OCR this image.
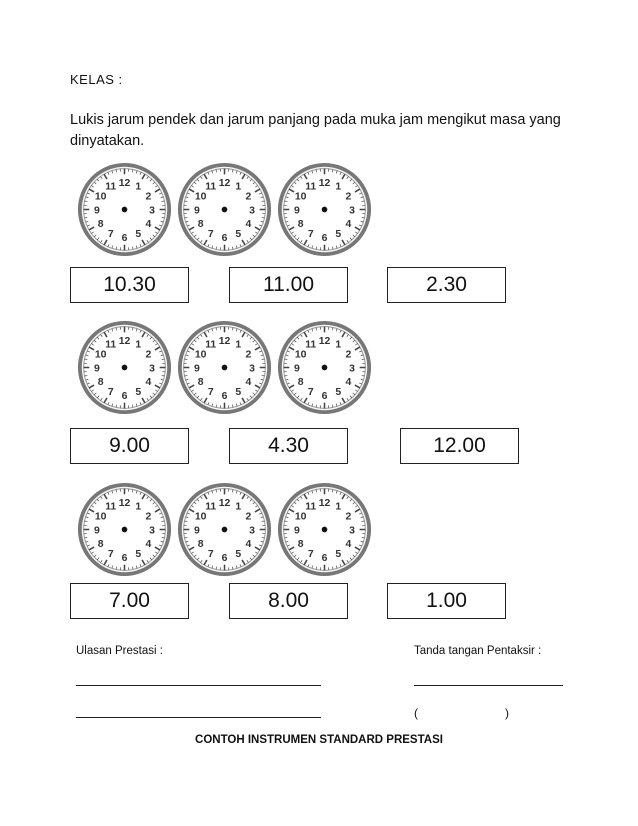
KELAS :
Lukis jarum pendek dan jarum panjang pada muka jam mengikut masa yang dinyatakan.
12 1
2
3
4
5
6
7
8
9
10
11	12 1
2
3
4
5
6
7
8
9
10
11	12 1
2
3
4
5
6
7
8
9
10
11
12 1
2
3
4
5
6
7
8
9
10
11	12 1
2
3
4
5
6
7
8
9
10
11	12 1
2
3
4
5
6
7
8
9
10
11
12 1
2
3
4
5
6
7
8
9
10
11	12 1
2
3
4
5
6
7
8
9
10
11	12 1
2
3
4
5
6
7
8
9
10
11
10.30	11.00	2.30
9.00	4.30	12.00
7.00	8.00	1.00
Ulasan Prestasi :	Tanda tangan Pentaksir :
(	)
CONTOH INSTRUMEN STANDARD PRESTASI
